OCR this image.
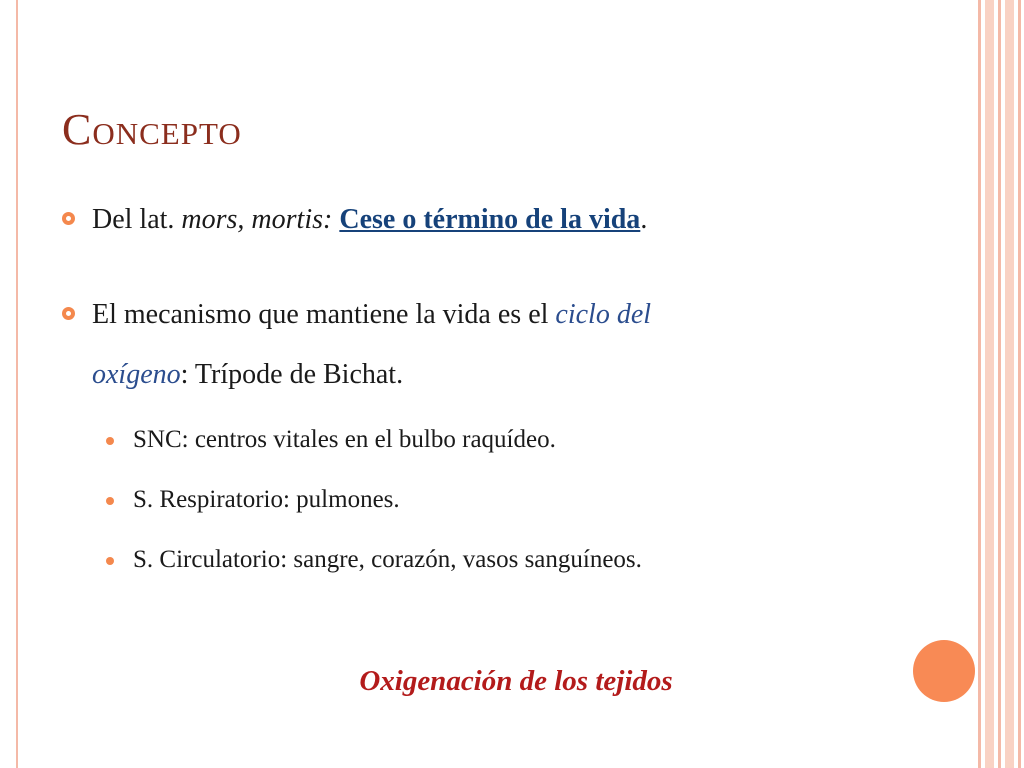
Concepto
Del lat. mors, mortis: Cese o término de la vida.
El mecanismo que mantiene la vida es el ciclo del
oxígeno: Trípode de Bichat.
SNC: centros vitales en el bulbo raquídeo.
S. Respiratorio: pulmones.
S. Circulatorio: sangre, corazón, vasos sanguíneos.
Oxigenación de los tejidos
